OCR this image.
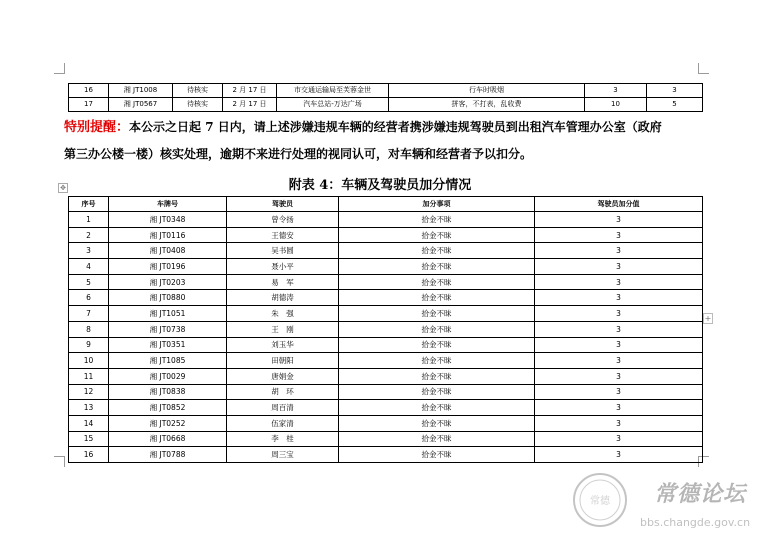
16	湘 JT1008	待核实	2 月 17 日	市交通运输局至芙蓉金世	行车时吸烟	3	3
17	湘 JT0567	待核实	2 月 17 日	汽车总站-万达广场	拼客，不打表，乱收费	10	5
特别提醒：本公示之日起 7 日内，请上述涉嫌违规车辆的经营者携涉嫌违规驾驶员到出租汽车管理办公室（政府
第三办公楼一楼）核实处理，逾期不来进行处理的视同认可，对车辆和经营者予以扣分。
✥	附表 4：车辆及驾驶员加分情况
序号	车牌号	驾驶员	加分事项	驾驶员加分值
1	湘 JT0348	曾令扬	拾金不昧	3
2	湘 JT0116	王德安	拾金不昧	3
3	湘 JT0408	吴书圆	拾金不昧	3
4	湘 JT0196	聂小平	拾金不昧	3
5	湘 JT0203	易　军	拾金不昧	3
6	湘 JT0880	胡德涛	拾金不昧	3
7	湘 JT1051	朱　强	拾金不昧	3
8	湘 JT0738	王　刚	拾金不昧	3
9	湘 JT0351	刘玉华	拾金不昧	3
10	湘 JT1085	田朝阳	拾金不昧	3
11	湘 JT0029	唐娟金	拾金不昧	3
12	湘 JT0838	胡　环	拾金不昧	3
13	湘 JT0852	周百清	拾金不昧	3
14	湘 JT0252	伍家清	拾金不昧	3
15	湘 JT0668	李　桂	拾金不昧	3
16	湘 JT0788	周三宝	拾金不昧	3
+
常德 常德论坛
bbs.changde.gov.cn
